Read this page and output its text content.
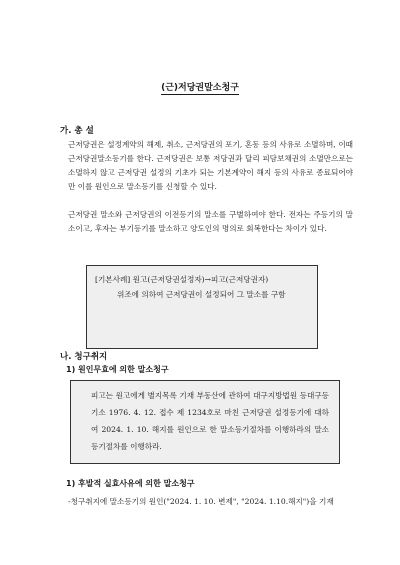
(근)저당권말소청구
가. 총 설

근저당권은 설정계약의 해제, 취소, 근저당권의 포기, 혼동 등의 사유로 소멸하며, 이때 근저당권말소등기를 한다. 근저당권은 보통 저당권과 달리 피담보채권의 소멸만으로는 소멸하지 않고 근저당권 설정의 기초가 되는 기본계약이 해지 등의 사유로 종료되어야만 이를 원인으로 말소등기를 신청할 수 있다.

근저당권 말소와 근저당권의 이전등기의 말소를 구별하여야 한다. 전자는 주등기의 말소이고, 후자는 부기등기를 말소하고 양도인의 명의로 회복한다는 차이가 있다.

[기본사례] 원고(근저당권설정자)→피고(근저당권자)
위조에 의하여 근저당권이 설정되어 그 말소를 구함
나. 청구취지
1) 원인무효에 의한 말소청구

피고는 원고에게 별지목록 기재 부동산에 관하여 대구지방법원 등대구등기소 1976. 4. 12. 접수 제 1234호로 마친 근저당권 설정등기에 대하여 2024. 1. 10. 해지를 원인으로 한 말소등기절차를 이행하라의 말소등기절차를 이행하라.

1) 후발적 실효사유에 의한 말소청구
-청구취지에 말소등기의 원인("2024. 1. 10. 변제", "2024. 1.10.해지")을 기재
